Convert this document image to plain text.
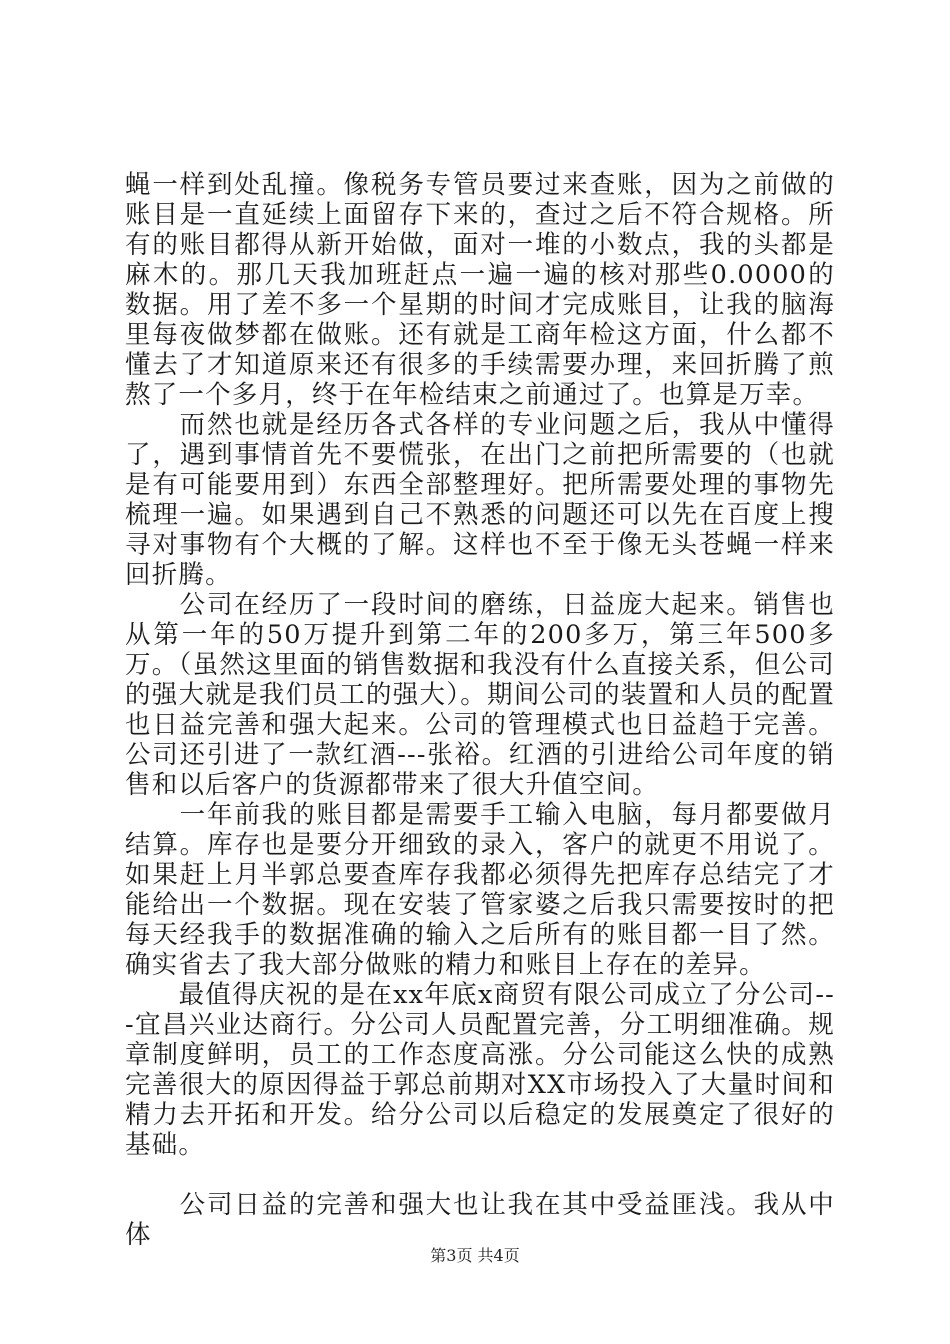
蝇一样到处乱撞。像税务专管员要过来查账，因为之前做的账目是一直延续上面留存下来的，查过之后不符合规格。所有的账目都得从新开始做，面对一堆的小数点，我的头都是麻木的。那几天我加班赶点一遍一遍的核对那些0.0000的数据。用了差不多一个星期的时间才完成账目，让我的脑海里每夜做梦都在做账。还有就是工商年检这方面，什么都不懂去了才知道原来还有很多的手续需要办理，来回折腾了煎熬了一个多月，终于在年检结束之前通过了。也算是万幸。

　　而然也就是经历各式各样的专业问题之后，我从中懂得了，遇到事情首先不要慌张，在出门之前把所需要的（也就是有可能要用到）东西全部整理好。把所需要处理的事物先梳理一遍。如果遇到自己不熟悉的问题还可以先在百度上搜寻对事物有个大概的了解。这样也不至于像无头苍蝇一样来回折腾。

　　公司在经历了一段时间的磨练，日益庞大起来。销售也从第一年的50万提升到第二年的200多万，第三年500多万。（虽然这里面的销售数据和我没有什么直接关系，但公司的强大就是我们员工的强大）。期间公司的装置和人员的配置也日益完善和强大起来。公司的管理模式也日益趋于完善。公司还引进了一款红酒---张裕。红酒的引进给公司年度的销售和以后客户的货源都带来了很大升值空间。

　　一年前我的账目都是需要手工输入电脑，每月都要做月结算。库存也是要分开细致的录入，客户的就更不用说了。如果赶上月半郭总要查库存我都必须得先把库存总结完了才能给出一个数据。现在安装了管家婆之后我只需要按时的把每天经我手的数据准确的输入之后所有的账目都一目了然。确实省去了我大部分做账的精力和账目上存在的差异。

　　最值得庆祝的是在xx年底x商贸有限公司成立了分公司---宜昌兴业达商行。分公司人员配置完善，分工明细准确。规章制度鲜明，员工的工作态度高涨。分公司能这么快的成熟完善很大的原因得益于郭总前期对XX市场投入了大量时间和精力去开拓和开发。给分公司以后稳定的发展奠定了很好的基础。

　　公司日益的完善和强大也让我在其中受益匪浅。我从中体

第3页 共4页
